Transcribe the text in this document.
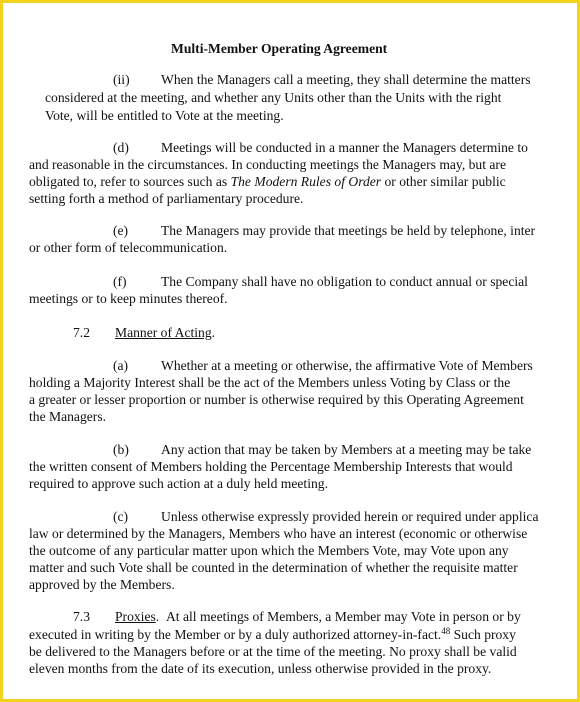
Multi-Member Operating Agreement
(ii) When the Managers call a meeting, they shall determine the matters
considered at the meeting, and whether any Units other than the Units with the right
Vote, will be entitled to Vote at the meeting.
(d) Meetings will be conducted in a manner the Managers determine to
and reasonable in the circumstances. In conducting meetings the Managers may, but are
obligated to, refer to sources such as The Modern Rules of Order or other similar public
setting forth a method of parliamentary procedure.
(e) The Managers may provide that meetings be held by telephone, inter
or other form of telecommunication.
(f)	The Company shall have no obligation to conduct annual or special
meetings or to keep minutes thereof.
7.2 Manner of Acting.
(a) Whether at a meeting or otherwise, the affirmative Vote of Members
holding a Majority Interest shall be the act of the Members unless Voting by Class or the
a greater or lesser proportion or number is otherwise required by this Operating Agreement
the Managers.
(b) Any action that may be taken by Members at a meeting may be take
the written consent of Members holding the Percentage Membership Interests that would
required to approve such action at a duly held meeting.
(c) Unless otherwise expressly provided herein or required under applica
law or determined by the Managers, Members who have an interest (economic or otherwise
the outcome of any particular matter upon which the Members Vote, may Vote upon any
matter and such Vote shall be counted in the determination of whether the requisite matter
approved by the Members.
7.3 Proxies. At all meetings of Members, a Member may Vote in person or by
executed in writing by the Member or by a duly authorized attorney-in-fact.$^{48}$ Such proxy
be delivered to the Managers before or at the time of the meeting. No proxy shall be valid
eleven months from the date of its execution, unless otherwise provided in the proxy.
